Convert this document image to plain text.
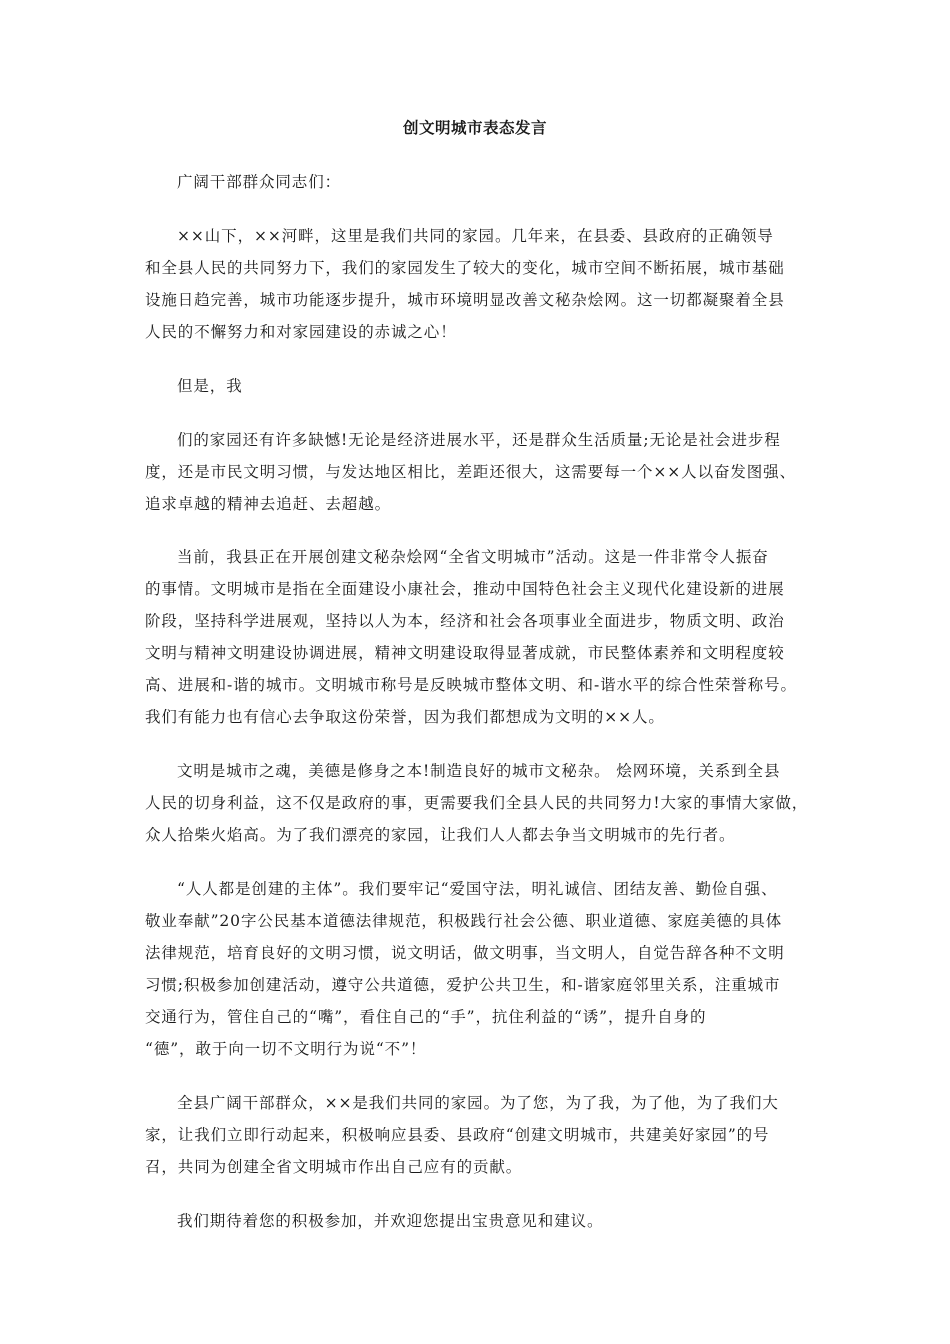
创文明城市表态发言
广阔干部群众同志们：
××山下，××河畔，这里是我们共同的家园。几年来，在县委、县政府的正确领导
和全县人民的共同努力下，我们的家园发生了较大的变化，城市空间不断拓展，城市基础
设施日趋完善，城市功能逐步提升，城市环境明显改善文秘杂烩网。这一切都凝聚着全县
人民的不懈努力和对家园建设的赤诚之心！
但是，我
们的家园还有许多缺憾!无论是经济进展水平，还是群众生活质量;无论是社会进步程
度，还是市民文明习惯，与发达地区相比，差距还很大，这需要每一个××人以奋发图强、
追求卓越的精神去追赶、去超越。
当前，我县正在开展创建文秘杂烩网“全省文明城市”活动。这是一件非常令人振奋
的事情。文明城市是指在全面建设小康社会，推动中国特色社会主义现代化建设新的进展
阶段，坚持科学进展观，坚持以人为本，经济和社会各项事业全面进步，物质文明、政治
文明与精神文明建设协调进展，精神文明建设取得显著成就，市民整体素养和文明程度较
高、进展和-谐的城市。文明城市称号是反映城市整体文明、和-谐水平的综合性荣誉称号。
我们有能力也有信心去争取这份荣誉，因为我们都想成为文明的××人。
文明是城市之魂，美德是修身之本!制造良好的城市文秘杂。 烩网环境，关系到全县
人民的切身利益，这不仅是政府的事，更需要我们全县人民的共同努力!大家的事情大家做，
众人拾柴火焰高。为了我们漂亮的家园，让我们人人都去争当文明城市的先行者。
“人人都是创建的主体”。我们要牢记“爱国守法，明礼诚信、团结友善、勤俭自强、
敬业奉献”20字公民基本道德法律规范，积极践行社会公德、职业道德、家庭美德的具体
法律规范，培育良好的文明习惯，说文明话，做文明事，当文明人，自觉告辞各种不文明
习惯;积极参加创建活动，遵守公共道德，爱护公共卫生，和-谐家庭邻里关系，注重城市
交通行为，管住自己的“嘴”，看住自己的“手”，抗住利益的“诱”，提升自身的
“德”，敢于向一切不文明行为说“不”！
全县广阔干部群众，××是我们共同的家园。为了您，为了我，为了他，为了我们大
家，让我们立即行动起来，积极响应县委、县政府“创建文明城市，共建美好家园”的号
召，共同为创建全省文明城市作出自己应有的贡献。
我们期待着您的积极参加，并欢迎您提出宝贵意见和建议。
